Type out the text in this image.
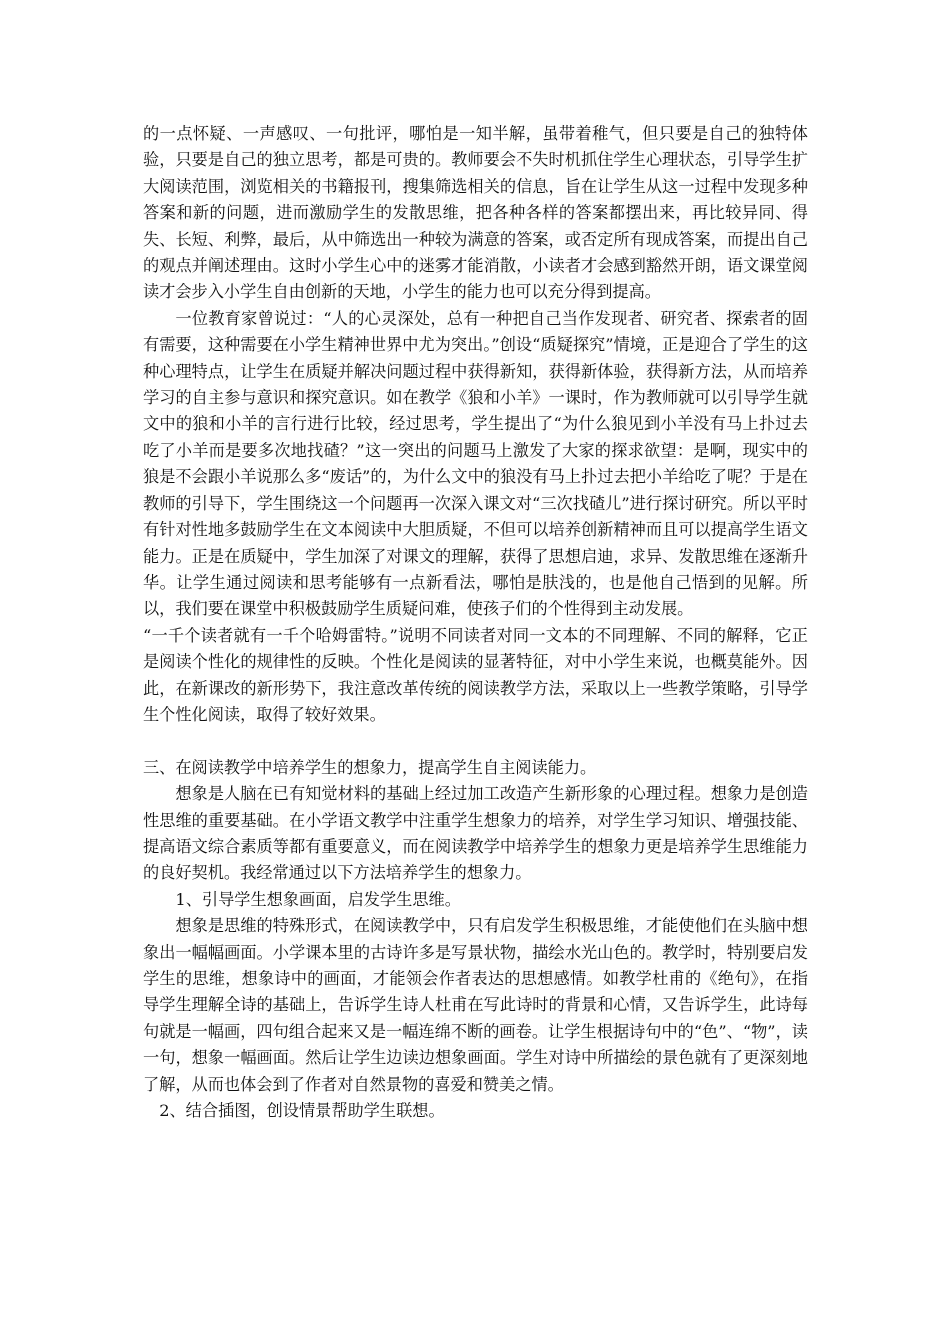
的一点怀疑、一声感叹、一句批评，哪怕是一知半解，虽带着稚气，但只要是自己的独特体验，只要是自己的独立思考，都是可贵的。教师要会不失时机抓住学生心理状态，引导学生扩大阅读范围，浏览相关的书籍报刊，搜集筛选相关的信息，旨在让学生从这一过程中发现多种答案和新的问题，进而激励学生的发散思维，把各种各样的答案都摆出来，再比较异同、得失、长短、利弊，最后，从中筛选出一种较为满意的答案，或否定所有现成答案，而提出自己的观点并阐述理由。这时小学生心中的迷雾才能消散，小读者才会感到豁然开朗，语文课堂阅读才会步入小学生自由创新的天地，小学生的能力也可以充分得到提高。

一位教育家曾说过：“人的心灵深处，总有一种把自己当作发现者、研究者、探索者的固有需要，这种需要在小学生精神世界中尤为突出。”创设“质疑探究”情境，正是迎合了学生的这种心理特点，让学生在质疑并解决问题过程中获得新知，获得新体验，获得新方法，从而培养学习的自主参与意识和探究意识。如在教学《狼和小羊》一课时，作为教师就可以引导学生就文中的狼和小羊的言行进行比较，经过思考，学生提出了“为什么狼见到小羊没有马上扑过去吃了小羊而是要多次地找碴？”这一突出的问题马上激发了大家的探求欲望：是啊，现实中的狼是不会跟小羊说那么多“废话”的，为什么文中的狼没有马上扑过去把小羊给吃了呢？于是在教师的引导下，学生围绕这一个问题再一次深入课文对“三次找碴儿”进行探讨研究。所以平时有针对性地多鼓励学生在文本阅读中大胆质疑，不但可以培养创新精神而且可以提高学生语文能力。正是在质疑中，学生加深了对课文的理解，获得了思想启迪，求异、发散思维在逐渐升华。让学生通过阅读和思考能够有一点新看法，哪怕是肤浅的，也是他自己悟到的见解。所以，我们要在课堂中积极鼓励学生质疑问难，使孩子们的个性得到主动发展。

“一千个读者就有一千个哈姆雷特。”说明不同读者对同一文本的不同理解、不同的解释，它正是阅读个性化的规律性的反映。个性化是阅读的显著特征，对中小学生来说，也概莫能外。因此，在新课改的新形势下，我注意改革传统的阅读教学方法，采取以上一些教学策略，引导学生个性化阅读，取得了较好效果。

三、在阅读教学中培养学生的想象力，提高学生自主阅读能力。

想象是人脑在已有知觉材料的基础上经过加工改造产生新形象的心理过程。想象力是创造性思维的重要基础。在小学语文教学中注重学生想象力的培养，对学生学习知识、增强技能、提高语文综合素质等都有重要意义，而在阅读教学中培养学生的想象力更是培养学生思维能力的良好契机。我经常通过以下方法培养学生的想象力。

1、引导学生想象画面，启发学生思维。

想象是思维的特殊形式，在阅读教学中，只有启发学生积极思维，才能使他们在头脑中想象出一幅幅画面。小学课本里的古诗许多是写景状物，描绘水光山色的。教学时，特别要启发学生的思维，想象诗中的画面，才能领会作者表达的思想感情。如教学杜甫的《绝句》，在指导学生理解全诗的基础上，告诉学生诗人杜甫在写此诗时的背景和心情，又告诉学生，此诗每句就是一幅画，四句组合起来又是一幅连绵不断的画卷。让学生根据诗句中的“色”、“物”，读一句，想象一幅画面。然后让学生边读边想象画面。学生对诗中所描绘的景色就有了更深刻地了解，从而也体会到了作者对自然景物的喜爱和赞美之情。

2、结合插图，创设情景帮助学生联想。
